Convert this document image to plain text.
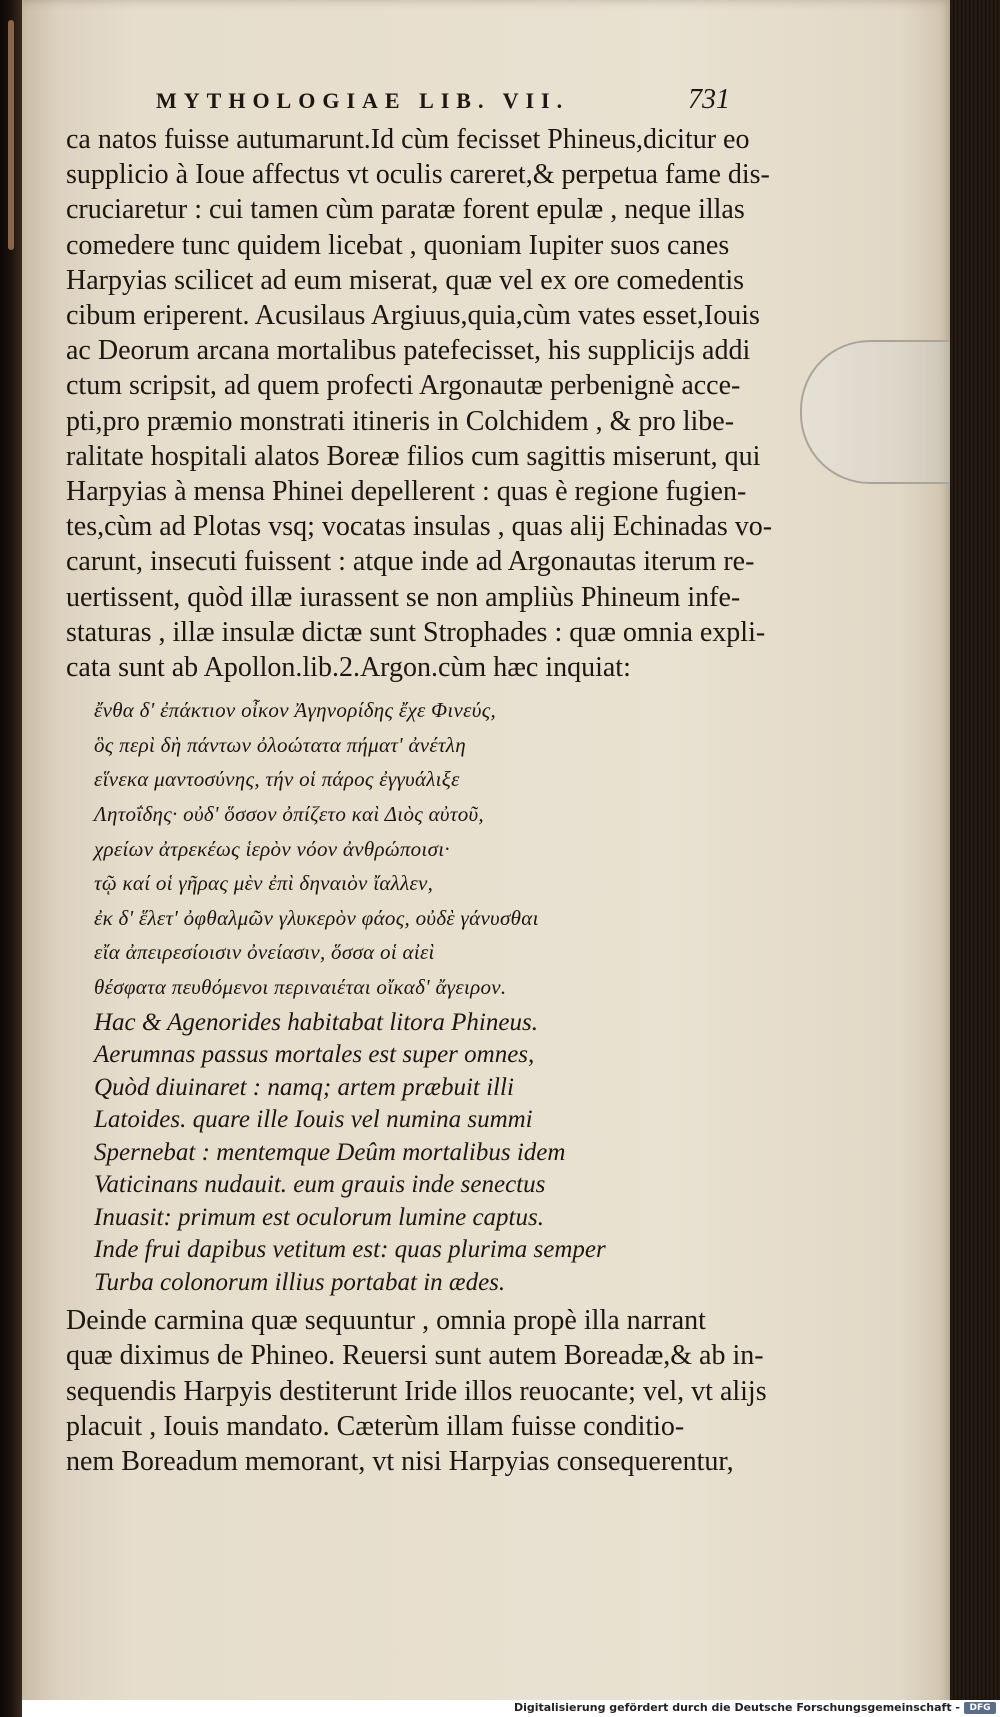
MYTHOLOGIAE LIB. VII.	731
ca natos fuisse autumarunt.Id cùm fecisset Phineus,dicitur eo
supplicio à Ioue affectus vt oculis careret,& perpetua fame dis-
cruciaretur : cui tamen cùm paratæ forent epulæ , neque illas
comedere tunc quidem licebat , quoniam Iupiter suos canes
Harpyias scilicet ad eum miserat, quæ vel ex ore comedentis
cibum eriperent. Acusilaus Argiuus,quia,cùm vates esset,Iouis
ac Deorum arcana mortalibus patefecisset, his supplicijs addi
ctum scripsit, ad quem profecti Argonautæ perbenignè acce-
pti,pro præmio monstrati itineris in Colchidem , & pro libe-
ralitate hospitali alatos Boreæ filios cum sagittis miserunt, qui
Harpyias à mensa Phinei depellerent : quas è regione fugien-
tes,cùm ad Plotas vsq; vocatas insulas , quas alij Echinadas vo-
carunt, insecuti fuissent : atque inde ad Argonautas iterum re-
uertissent, quòd illæ iurassent se non ampliùs Phineum infe-
staturas , illæ insulæ dictæ sunt Strophades : quæ omnia expli-
cata sunt ab Apollon.lib.2.Argon.cùm hæc inquiat:
ἔνθα δ' ἐπάκτιον οἶκον Ἀγηνορίδης ἔχε Φινεύς,
ὃς περὶ δὴ πάντων ὀλοώτατα πήματ' ἀνέτλη
εἵνεκα μαντοσύνης, τήν οἱ πάρος ἐγγυάλιξε
Λητοΐδης· οὐδ' ὅσσον ὀπίζετο καὶ Διὸς αὐτοῦ,
χρείων ἀτρεκέως ἱερὸν νόον ἀνθρώποισι·
τῷ καί οἱ γῆρας μὲν ἐπὶ δηναιὸν ἴαλλεν,
ἐκ δ' ἕλετ' ὀφθαλμῶν γλυκερὸν φάος, οὐδὲ γάνυσθαι
εἴα ἀπειρεσίοισιν ὀνείασιν, ὅσσα οἱ αἰεὶ
θέσφατα πευθόμενοι περιναιέται οἴκαδ' ἄγειρον.
Hac & Agenorides habitabat litora Phineus.
Aerumnas passus mortales est super omnes,
Quòd diuinaret : namq; artem præbuit illi
Latoides. quare ille Iouis vel numina summi
Spernebat : mentemque Deûm mortalibus idem
Vaticinans nudauit. eum grauis inde senectus
Inuasit: primum est oculorum lumine captus.
Inde frui dapibus vetitum est: quas plurima semper
Turba colonorum illius portabat in ædes.
Deinde carmina quæ sequuntur , omnia propè illa narrant
quæ diximus de Phineo. Reuersi sunt autem Boreadæ,& ab in-
sequendis Harpyis destiterunt Iride illos reuocante; vel, vt alijs
placuit , Iouis mandato. Cæterùm illam fuisse conditio-
nem Boreadum memorant, vt nisi Harpyias consequerentur,
Digitalisierung gefördert durch die Deutsche Forschungsgemeinschaft -	DFG
